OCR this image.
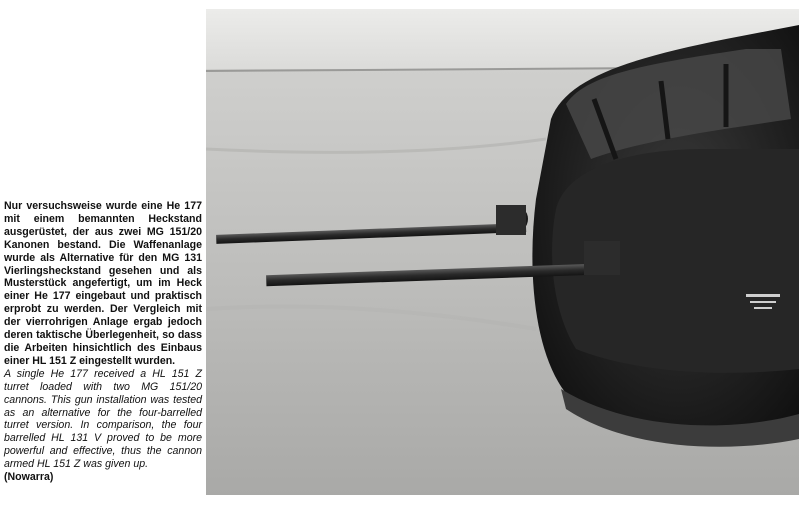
Nur versuchsweise wurde eine He 177 mit einem bemannten Heckstand ausgerüstet, der aus zwei MG 151/20 Kanonen bestand. Die Waffenanlage wurde als Alternative für den MG 131 Vierlingsheckstand gesehen und als Musterstück angefertigt, um im Heck einer He 177 eingebaut und praktisch erprobt zu werden. Der Vergleich mit der vierrohrigen Anlage ergab jedoch deren taktische Überlegenheit, so dass die Arbeiten hinsichtlich des Einbaus einer HL 151 Z eingestellt wurden.

A single He 177 received a HL 151 Z turret loaded with two MG 151/20 cannons. This gun installation was tested as an alternative for the four-barrelled turret version. In comparison, the four barrelled HL 131 V proved to be more powerful and effective, thus the cannon armed HL 151 Z was given up.

(Nowarra)
